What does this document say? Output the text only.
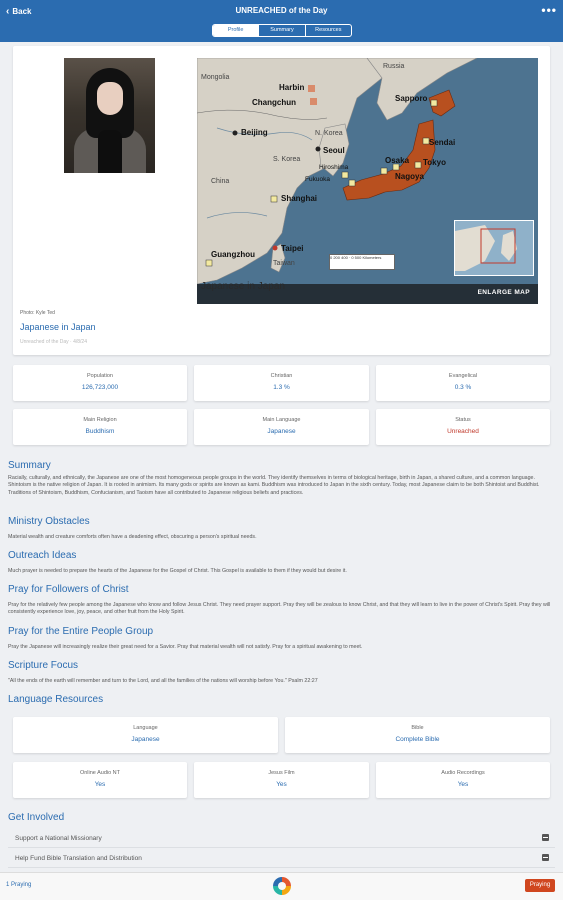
‹ Back	UNREACHED of the Day	•••
Profile	Summary	Resources
Russia
Mongolia
Harbin
Changchun
Beijing	N. Korea
Seoul
S. Korea
China
Shanghai
Guangzhou
Taipei
Taiwan
Sapporo
Sendai
Tokyo
Osaka
Nagoya
Hiroshima
Fukuoka
0 200 400 · 0 500 Kilometers
Japanese in Japan
ENLARGE MAP
Photo: Kyle Ted
Japanese in Japan
Unreached of the Day · 4/8/24
Population
126,723,000
Christian
1.3 %
Evangelical
0.3 %
Main Religion
Buddhism
Main Language
Japanese
Status
Unreached
Summary
Racially, culturally, and ethnically, the Japanese are one of the most homogeneous people groups in the world. They identify themselves in terms of biological heritage, birth in Japan, a shared culture, and a common language. Shintoism is the native religion of Japan. It is rooted in animism. Its many gods or spirits are known as kami. Buddhism was introduced to Japan in the sixth century. Today, most Japanese claim to be both Shintoist and Buddhist. Traditions of Shintoism, Buddhism, Confucianism, and Taoism have all contributed to Japanese religious beliefs and practices.
Ministry Obstacles
Material wealth and creature comforts often have a deadening effect, obscuring a person's spiritual needs.
Outreach Ideas
Much prayer is needed to prepare the hearts of the Japanese for the Gospel of Christ. This Gospel is available to them if they would but desire it.
Pray for Followers of Christ
Pray for the relatively few people among the Japanese who know and follow Jesus Christ. They need prayer support. Pray they will be zealous to know Christ, and that they will learn to live in the power of Christ's Spirit. Pray they will consistently experience love, joy, peace, and other fruit from the Holy Spirit.
Pray for the Entire People Group
Pray the Japanese will increasingly realize their great need for a Savior. Pray that material wealth will not satisfy. Pray for a spiritual awakening to meet.
Scripture Focus
"All the ends of the earth will remember and turn to the Lord, and all the families of the nations will worship before You." Psalm 22:27
Language Resources
Language
Japanese
Bible
Complete Bible
Online Audio NT
Yes
Jesus Film
Yes
Audio Recordings
Yes
Get Involved
Support a National Missionary
Help Fund Bible Translation and Distribution
1 Praying	Praying
